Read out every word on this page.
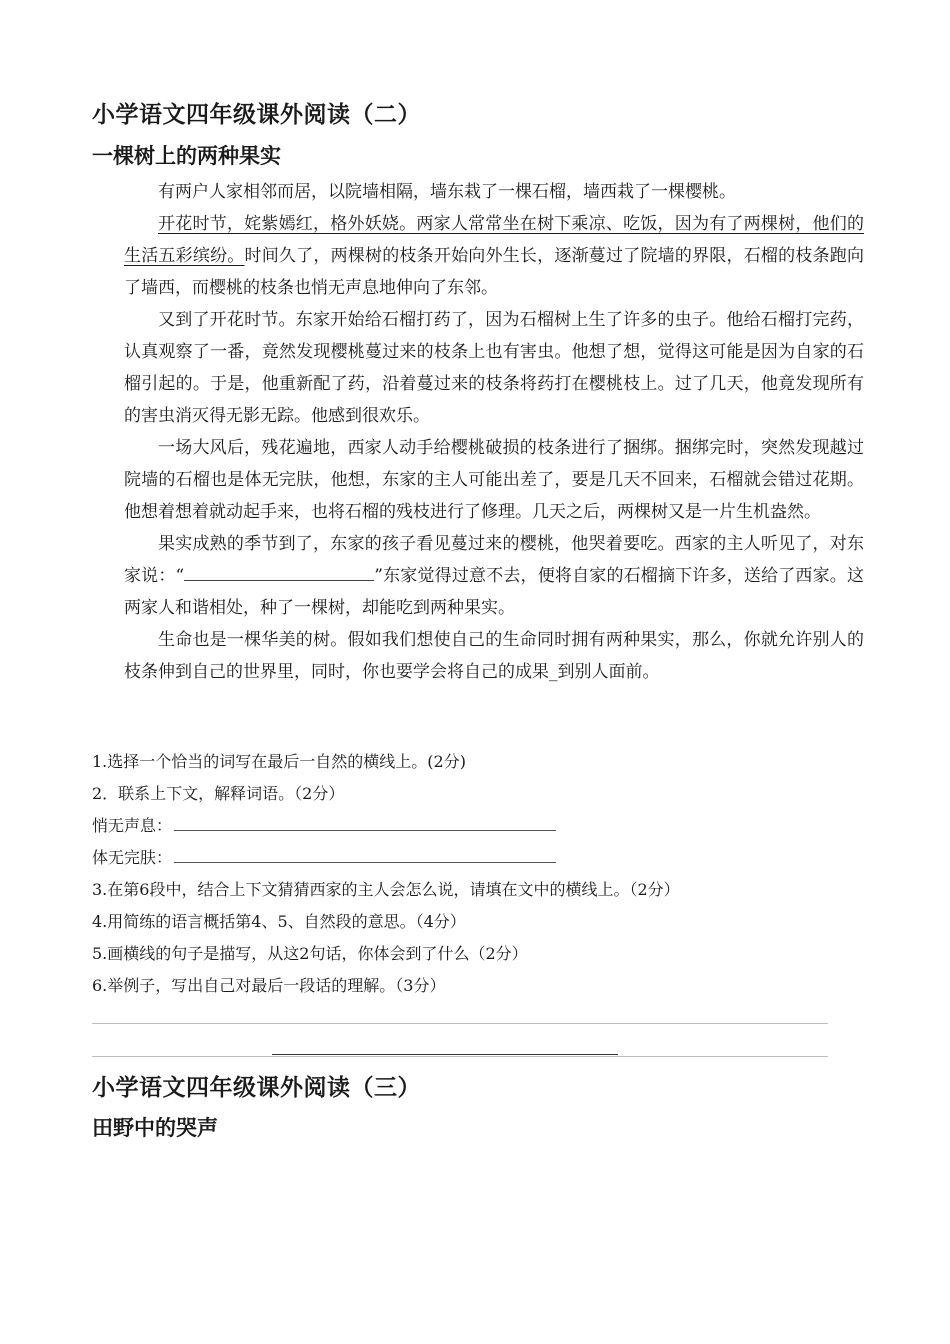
小学语文四年级课外阅读（二）
一棵树上的两种果实

有两户人家相邻而居，以院墙相隔，墙东栽了一棵石榴，墙西栽了一棵樱桃。

开花时节，姹紫嫣红，格外妖娆。两家人常常坐在树下乘凉、吃饭，因为有了两棵树，他们的生活五彩缤纷。时间久了，两棵树的枝条开始向外生长，逐渐蔓过了院墙的界限，石榴的枝条跑向了墙西，而樱桃的枝条也悄无声息地伸向了东邻。

又到了开花时节。东家开始给石榴打药了，因为石榴树上生了许多的虫子。他给石榴打完药，认真观察了一番，竟然发现樱桃蔓过来的枝条上也有害虫。他想了想，觉得这可能是因为自家的石榴引起的。于是，他重新配了药，沿着蔓过来的枝条将药打在樱桃枝上。过了几天，他竟发现所有的害虫消灭得无影无踪。他感到很欢乐。

一场大风后，残花遍地，西家人动手给樱桃破损的枝条进行了捆绑。捆绑完时，突然发现越过院墙的石榴也是体无完肤，他想，东家的主人可能出差了，要是几天不回来，石榴就会错过花期。他想着想着就动起手来，也将石榴的残枝进行了修理。几天之后，两棵树又是一片生机盎然。

果实成熟的季节到了，东家的孩子看见蔓过来的樱桃，他哭着要吃。西家的主人听见了，对东家说：“	”东家觉得过意不去，便将自家的石榴摘下许多，送给了西家。这两家人和谐相处，种了一棵树，却能吃到两种果实。

生命也是一棵华美的树。假如我们想使自己的生命同时拥有两种果实，那么，你就允许别人的枝条伸到自己的世界里，同时，你也要学会将自己的成果_到别人面前。

1.选择一个恰当的词写在最后一自然的横线上。(2分)
2．联系上下文，解释词语。（2分）
悄无声息：
体无完肤：
3.在第6段中，结合上下文猜猜西家的主人会怎么说，请填在文中的横线上。（2分）
4.用简练的语言概括第4、5、自然段的意思。（4分）
5.画横线的句子是描写，从这2句话，你体会到了什么（2分）
6.举例子，写出自己对最后一段话的理解。（3分）
小学语文四年级课外阅读（三）
田野中的哭声
